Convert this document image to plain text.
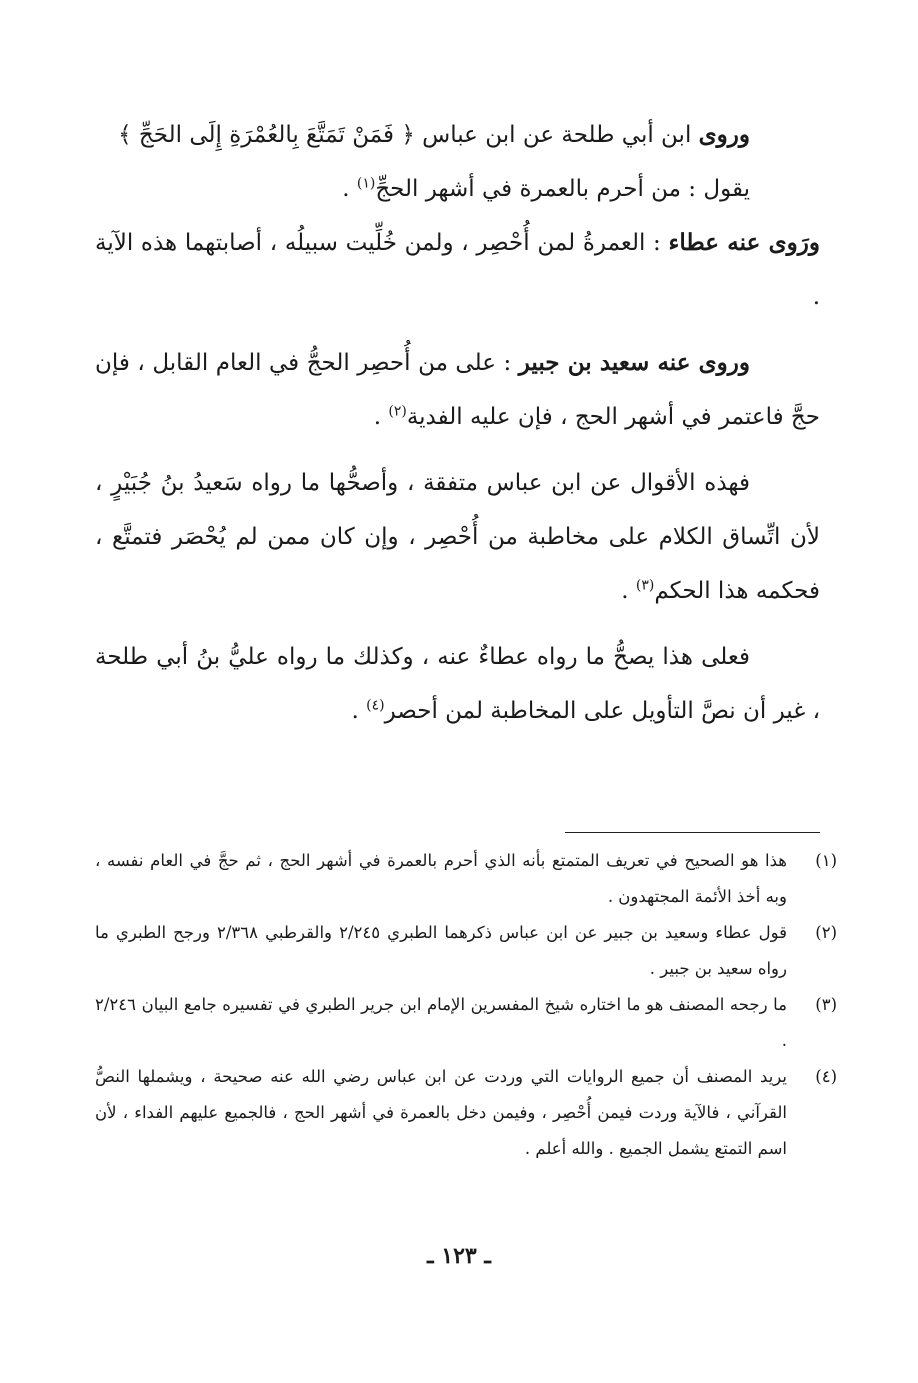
وروى ابن أبي طلحة عن ابن عباس ﴿ فَمَنْ تَمَتَّعَ بِالعُمْرَةِ إِلَى الحَجِّ ﴾

يقول : من أحرم بالعمرة في أشهر الحجِّ$^{(١)}$ .

ورَوى عنه عطاء : العمرةُ لمن أُحْصِر ، ولمن خُلِّيت سبيلُه ، أصابتهما هذه الآية .

وروى عنه سعيد بن جبير : على من أُحصِر الحجُّ في العام القابل ، فإن حجَّ فاعتمر في أشهر الحج ، فإن عليه الفدية$^{(٢)}$ .

فهذه الأقوال عن ابن عباس متفقة ، وأصحُّها ما رواه سَعيدُ بنُ جُبَيْرٍ ، لأن اتِّساق الكلام على مخاطبة من أُحْصِر ، وإن كان ممن لم يُحْصَر فتمتَّع ، فحكمه هذا الحكم$^{(٣)}$ .

فعلى هذا يصحُّ ما رواه عطاءٌ عنه ، وكذلك ما رواه عليُّ بنُ أبي طلحة ، غير أن نصَّ التأويل على المخاطبة لمن أحصر$^{(٤)}$ .

(١)
هذا هو الصحيح في تعريف المتمتع بأنه الذي أحرم بالعمرة في أشهر الحج ، ثم حجَّ في العام نفسه ، وبه أخذ الأئمة المجتهدون .
(٢)
قول عطاء وسعيد بن جبير عن ابن عباس ذكرهما الطبري ٢/٢٤٥ والقرطبي ٢/٣٦٨ ورجح الطبري ما رواه سعيد بن جبير .
(٣)
ما رجحه المصنف هو ما اختاره شيخ المفسرين الإمام ابن جرير الطبري في تفسيره جامع البيان ٢/٢٤٦ .
(٤)
يريد المصنف أن جميع الروايات التي وردت عن ابن عباس رضي الله عنه صحيحة ، ويشملها النصُّ القرآني ، فالآية وردت فيمن أُحْصِر ، وفيمن دخل بالعمرة في أشهر الحج ، فالجميع عليهم الفداء ، لأن اسم التمتع يشمل الجميع . والله أعلم .
ـ ١٢٣ ـ
